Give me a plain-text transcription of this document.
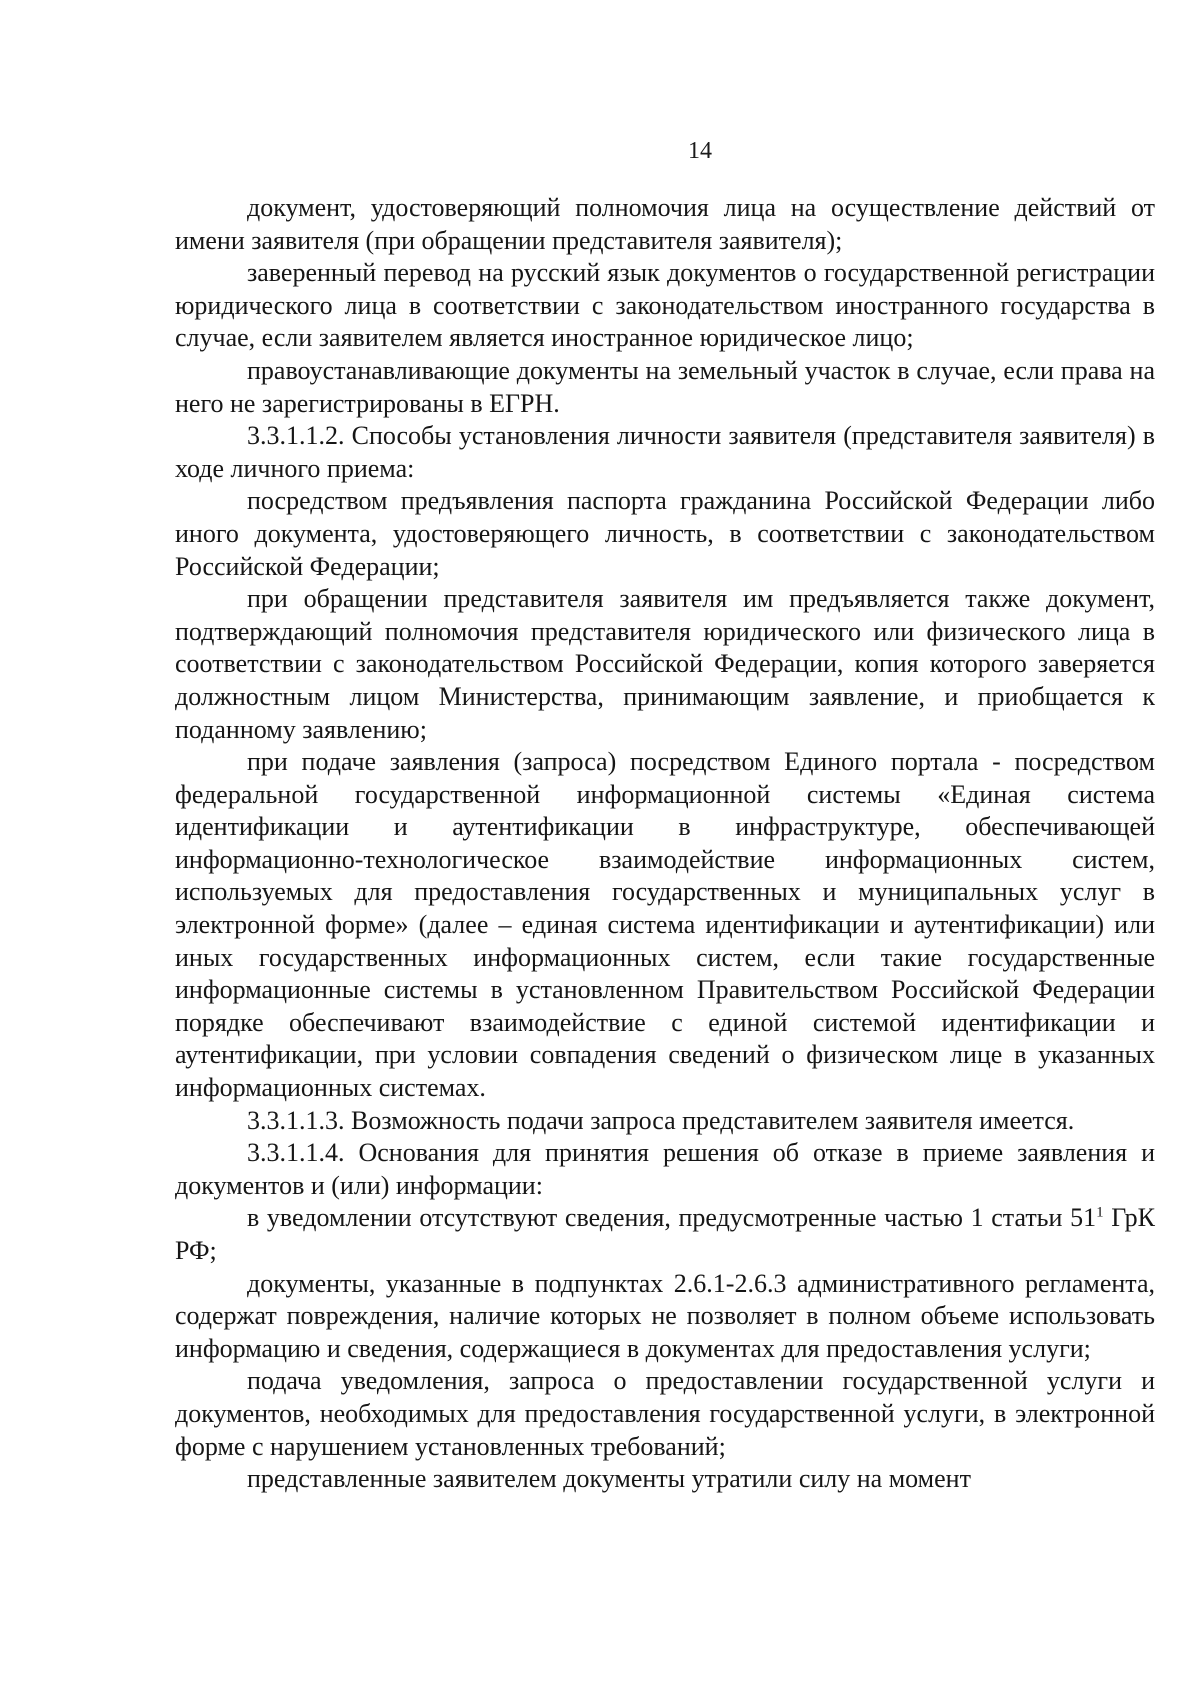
14

документ, удостоверяющий полномочия лица на осуществление действий от имени заявителя (при обращении представителя заявителя);

заверенный перевод на русский язык документов о государственной регистрации юридического лица в соответствии с законодательством иностранного государства в случае, если заявителем является иностранное юридическое лицо;

правоустанавливающие документы на земельный участок в случае, если права на него не зарегистрированы в ЕГРН.

3.3.1.1.2. Способы установления личности заявителя (представителя заявителя) в ходе личного приема:

посредством предъявления паспорта гражданина Российской Федерации либо иного документа, удостоверяющего личность, в соответствии с законодательством Российской Федерации;

при обращении представителя заявителя им предъявляется также документ, подтверждающий полномочия представителя юридического или физического лица в соответствии с законодательством Российской Федерации, копия которого заверяется должностным лицом Министерства, принимающим заявление, и приобщается к поданному заявлению;

при подаче заявления (запроса) посредством Единого портала - посредством федеральной государственной информационной системы «Единая система идентификации и аутентификации в инфраструктуре, обеспечивающей информационно-технологическое взаимодействие информационных систем, используемых для предоставления государственных и муниципальных услуг в электронной форме» (далее – единая система идентификации и аутентификации) или иных государственных информационных систем, если такие государственные информационные системы в установленном Правительством Российской Федерации порядке обеспечивают взаимодействие с единой системой идентификации и аутентификации, при условии совпадения сведений о физическом лице в указанных информационных системах.

3.3.1.1.3. Возможность подачи запроса представителем заявителя имеется.

3.3.1.1.4. Основания для принятия решения об отказе в приеме заявления и документов и (или) информации:

в уведомлении отсутствуют сведения, предусмотренные частью 1 статьи $51^1$ ГрК РФ;

документы, указанные в подпунктах 2.6.1-2.6.3 административного регламента, содержат повреждения, наличие которых не позволяет в полном объеме использовать информацию и сведения, содержащиеся в документах для предоставления услуги;

подача уведомления, запроса о предоставлении государственной услуги и документов, необходимых для предоставления государственной услуги, в электронной форме с нарушением установленных требований;

представленные заявителем документы утратили силу на момент
